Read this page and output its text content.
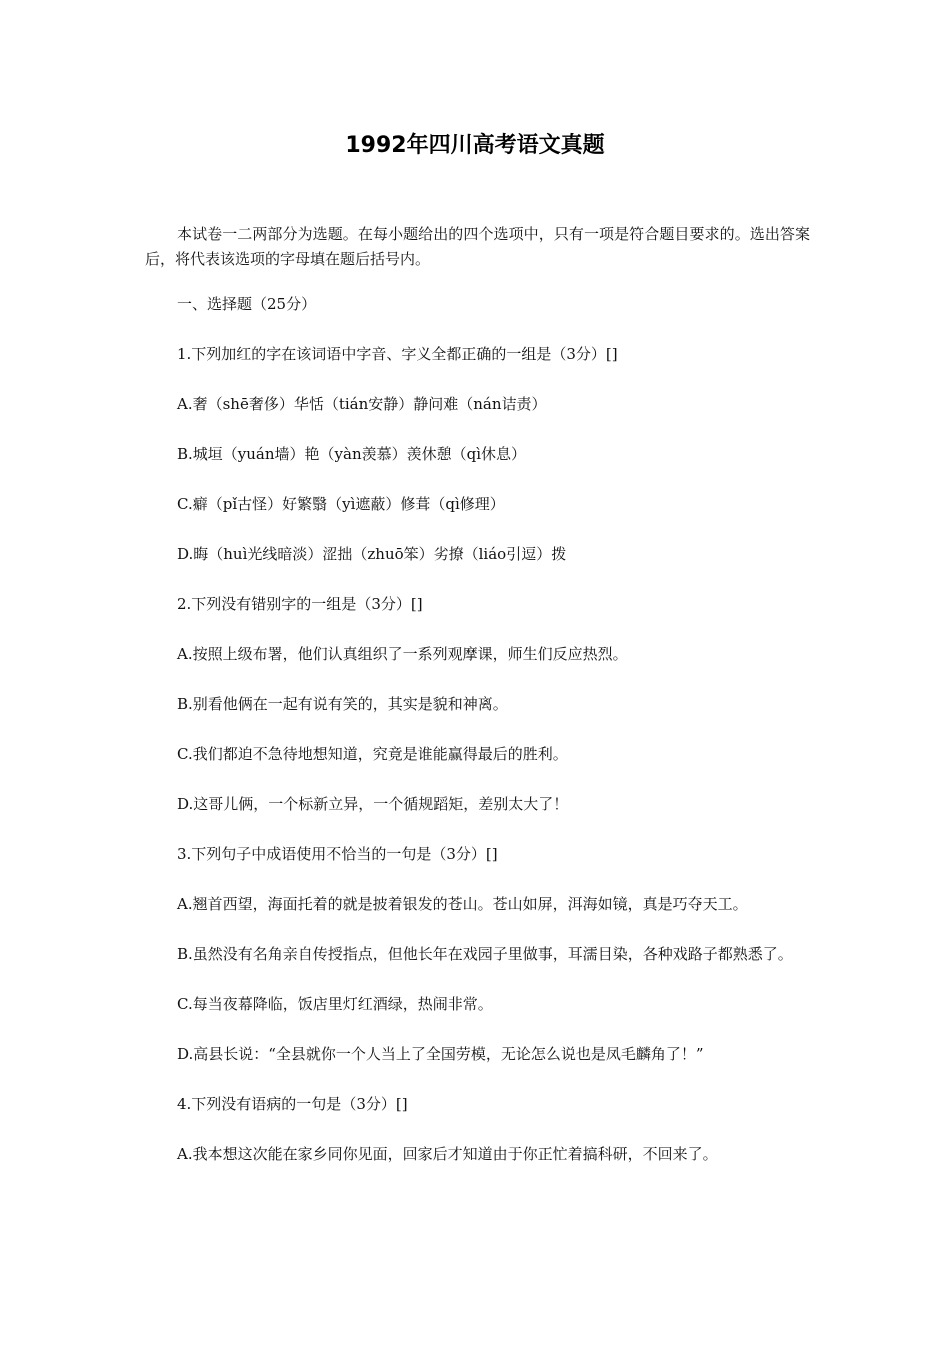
1992年四川高考语文真题

本试卷一二两部分为选题。在每小题给出的四个选项中，只有一项是符合题目要求的。选出答案后，将代表该选项的字母填在题后括号内。

一、选择题（25分）

1.下列加红的字在该词语中字音、字义全都正确的一组是（3分）[]

A.奢（shē奢侈）华恬（tián安静）静问难（nán诘责）

B.城垣（yuán墙）艳（yàn羡慕）羡休憩（qì休息）

C.癖（pǐ古怪）好繁翳（yì遮蔽）修葺（qì修理）

D.晦（huì光线暗淡）涩拙（zhuō笨）劣撩（liáo引逗）拨

2.下列没有错别字的一组是（3分）[]

A.按照上级布署，他们认真组织了一系列观摩课，师生们反应热烈。

B.别看他俩在一起有说有笑的，其实是貌和神离。

C.我们都迫不急待地想知道，究竟是谁能赢得最后的胜利。

D.这哥儿俩，一个标新立异，一个循规蹈矩，差别太大了！

3.下列句子中成语使用不恰当的一句是（3分）[]

A.翘首西望，海面托着的就是披着银发的苍山。苍山如屏，洱海如镜，真是巧夺天工。

B.虽然没有名角亲自传授指点，但他长年在戏园子里做事，耳濡目染，各种戏路子都熟悉了。

C.每当夜幕降临，饭店里灯红酒绿，热闹非常。

D.高县长说：“全县就你一个人当上了全国劳模，无论怎么说也是凤毛麟角了！”

4.下列没有语病的一句是（3分）[]

A.我本想这次能在家乡同你见面，回家后才知道由于你正忙着搞科研，不回来了。
